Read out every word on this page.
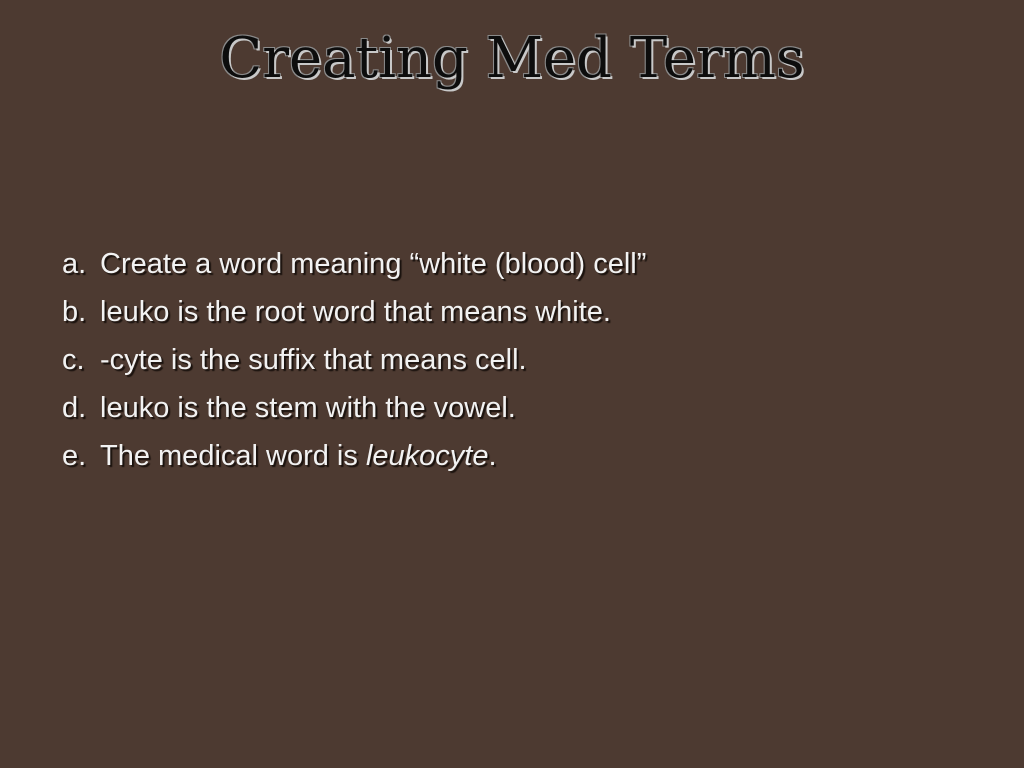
Creating Med Terms
a. Create a word meaning “white (blood) cell”
b. leuko is the root word that means white.
c. -cyte is the suffix that means cell.
d. leuko is the stem with the vowel.
e. The medical word is leukocyte.
